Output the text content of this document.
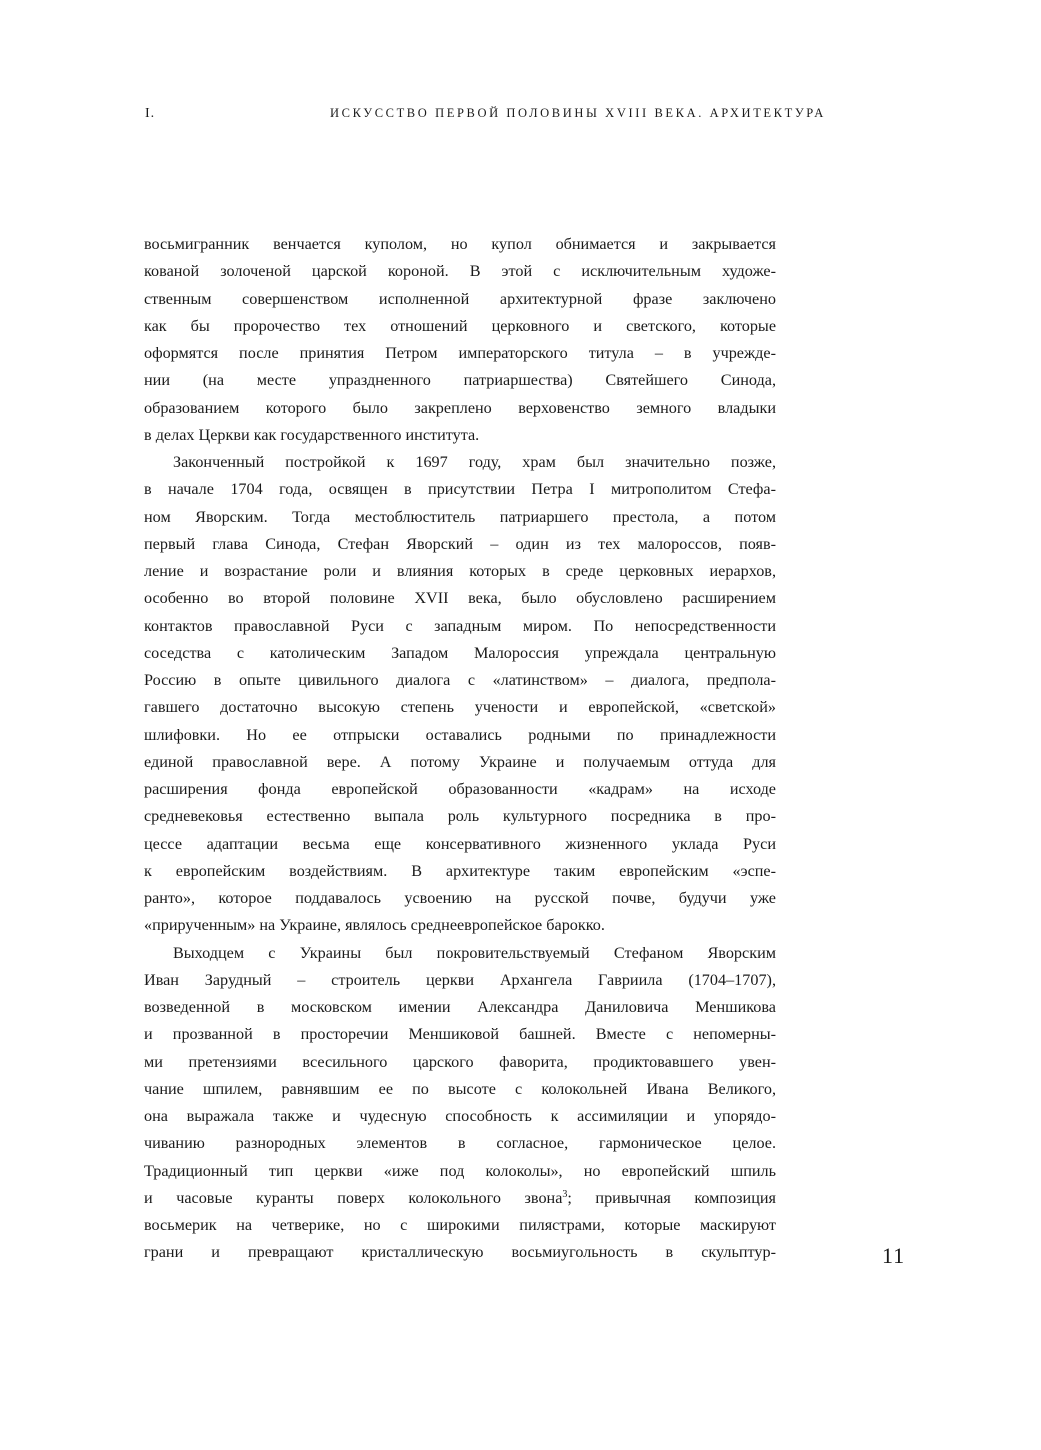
I.	ИСКУССТВО ПЕРВОЙ ПОЛОВИНЫ XVIII ВЕКА. АРХИТЕКТУРА
восьмигранник венчается куполом, но купол обнимается и закрывается
кованой золоченой царской короной. В этой с исключительным художе-
ственным совершенством исполненной архитектурной фразе заключено
как бы пророчество тех отношений церковного и светского, которые
оформятся после принятия Петром императорского титула – в учрежде-
нии (на месте упраздненного патриаршества) Святейшего Синода,
образованием которого было закреплено верховенство земного владыки
в делах Церкви как государственного института.
Законченный постройкой к 1697 году, храм был значительно позже,
в начале 1704 года, освящен в присутствии Петра I митрополитом Стефа-
ном Яворским. Тогда местоблюститель патриаршего престола, а потом
первый глава Синода, Стефан Яворский – один из тех малороссов, появ-
ление и возрастание роли и влияния которых в среде церковных иерархов,
особенно во второй половине XVII века, было обусловлено расширением
контактов православной Руси с западным миром. По непосредственности
соседства с католическим Западом Малороссия упреждала центральную
Россию в опыте цивильного диалога с «латинством» – диалога, предпола-
гавшего достаточно высокую степень учености и европейской, «светской»
шлифовки. Но ее отпрыски оставались родными по принадлежности
единой православной вере. А потому Украине и получаемым оттуда для
расширения фонда европейской образованности «кадрам» на исходе
средневековья естественно выпала роль культурного посредника в про-
цессе адаптации весьма еще консервативного жизненного уклада Руси
к европейским воздействиям. В архитектуре таким европейским «эспе-
ранто», которое поддавалось усвоению на русской почве, будучи уже
«прирученным» на Украине, являлось среднеевропейское барокко.
Выходцем с Украины был покровительствуемый Стефаном Яворским
Иван Зарудный – строитель церкви Архангела Гавриила (1704–1707),
возведенной в московском имении Александра Даниловича Меншикова
и прозванной в просторечии Меншиковой башней. Вместе с непомерны-
ми претензиями всесильного царского фаворита, продиктовавшего увен-
чание шпилем, равнявшим ее по высоте с колокольней Ивана Великого,
она выражала также и чудесную способность к ассимиляции и упорядо-
чиванию разнородных элементов в согласное, гармоническое целое.
Традиционный тип церкви «иже под колоколы», но европейский шпиль
и часовые куранты поверх колокольного звона$^3$; привычная композиция
восьмерик на четверике, но с широкими пилястрами, которые маскируют
грани и превращают кристаллическую восьмиугольность в скульптур-	11
